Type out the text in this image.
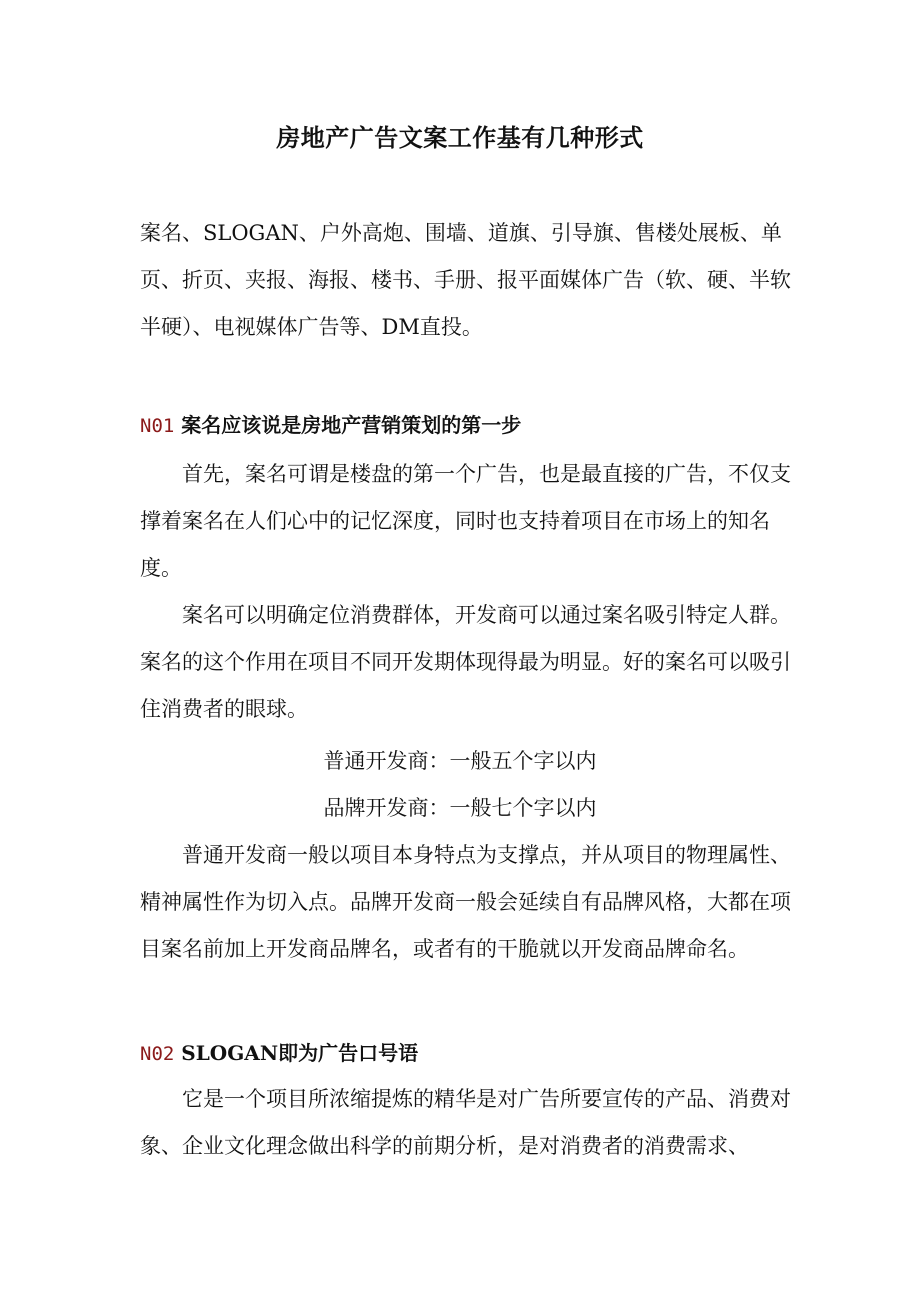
房地产广告文案工作基有几种形式
案名、SLOGAN、户外高炮、围墙、道旗、引导旗、售楼处展板、单页、折页、夹报、海报、楼书、手册、报平面媒体广告（软、硬、半软半硬）、电视媒体广告等、DM直投。
N01 案名应该说是房地产营销策划的第一步
首先，案名可谓是楼盘的第一个广告，也是最直接的广告，不仅支撑着案名在人们心中的记忆深度，同时也支持着项目在市场上的知名度。
案名可以明确定位消费群体，开发商可以通过案名吸引特定人群。案名的这个作用在项目不同开发期体现得最为明显。好的案名可以吸引住消费者的眼球。
普通开发商：一般五个字以内
品牌开发商：一般七个字以内
普通开发商一般以项目本身特点为支撑点，并从项目的物理属性、精神属性作为切入点。品牌开发商一般会延续自有品牌风格，大都在项目案名前加上开发商品牌名，或者有的干脆就以开发商品牌命名。
N02 SLOGAN即为广告口号语
它是一个项目所浓缩提炼的精华是对广告所要宣传的产品、消费对象、企业文化理念做出科学的前期分析，是对消费者的消费需求、
